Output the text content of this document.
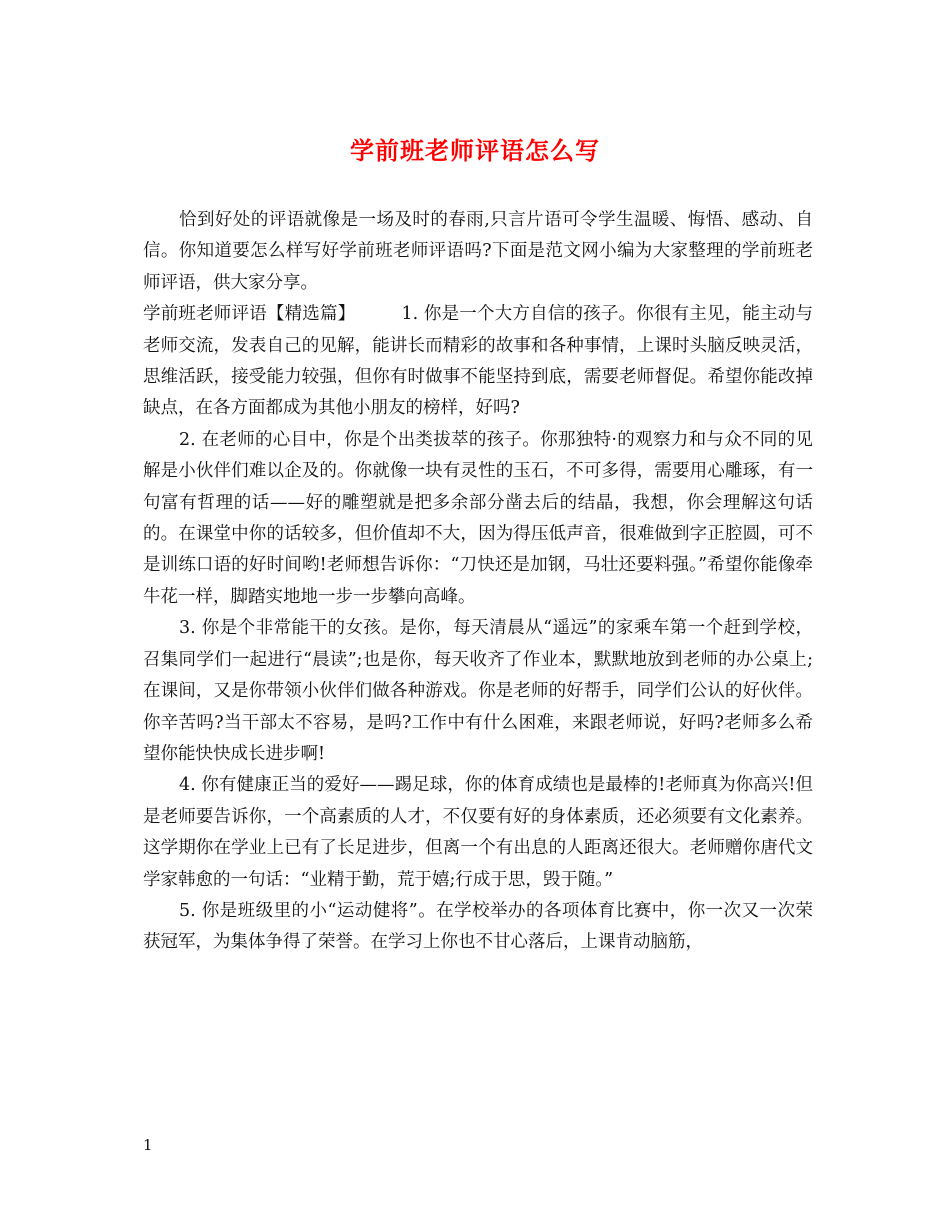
学前班老师评语怎么写

恰到好处的评语就像是一场及时的春雨,只言片语可令学生温暖、悔悟、感动、自信。你知道要怎么样写好学前班老师评语吗?下面是范文网小编为大家整理的学前班老师评语，供大家分享。

学前班老师评语【精选篇】	1. 你是一个大方自信的孩子。你很有主见，能主动与老师交流，发表自己的见解，能讲长而精彩的故事和各种事情，上课时头脑反映灵活，思维活跃，接受能力较强，但你有时做事不能坚持到底，需要老师督促。希望你能改掉缺点，在各方面都成为其他小朋友的榜样，好吗?

2. 在老师的心目中，你是个出类拔萃的孩子。你那独特·的观察力和与众不同的见解是小伙伴们难以企及的。你就像一块有灵性的玉石，不可多得，需要用心雕琢，有一句富有哲理的话——好的雕塑就是把多余部分凿去后的结晶，我想，你会理解这句话的。在课堂中你的话较多，但价值却不大，因为得压低声音，很难做到字正腔圆，可不是训练口语的好时间哟!老师想告诉你：“刀快还是加钢，马壮还要料强。”希望你能像牵牛花一样，脚踏实地地一步一步攀向高峰。

3. 你是个非常能干的女孩。是你，每天清晨从“遥远”的家乘车第一个赶到学校，召集同学们一起进行“晨读”;也是你，每天收齐了作业本，默默地放到老师的办公桌上;在课间，又是你带领小伙伴们做各种游戏。你是老师的好帮手，同学们公认的好伙伴。你辛苦吗?当干部太不容易，是吗?工作中有什么困难，来跟老师说，好吗?老师多么希望你能快快成长进步啊!

4. 你有健康正当的爱好——踢足球，你的体育成绩也是最棒的!老师真为你高兴!但是老师要告诉你，一个高素质的人才，不仅要有好的身体素质，还必须要有文化素养。这学期你在学业上已有了长足进步，但离一个有出息的人距离还很大。老师赠你唐代文学家韩愈的一句话：“业精于勤，荒于嬉;行成于思，毁于随。”

5. 你是班级里的小“运动健将”。在学校举办的各项体育比赛中，你一次又一次荣获冠军，为集体争得了荣誉。在学习上你也不甘心落后，上课肯动脑筋，

1
